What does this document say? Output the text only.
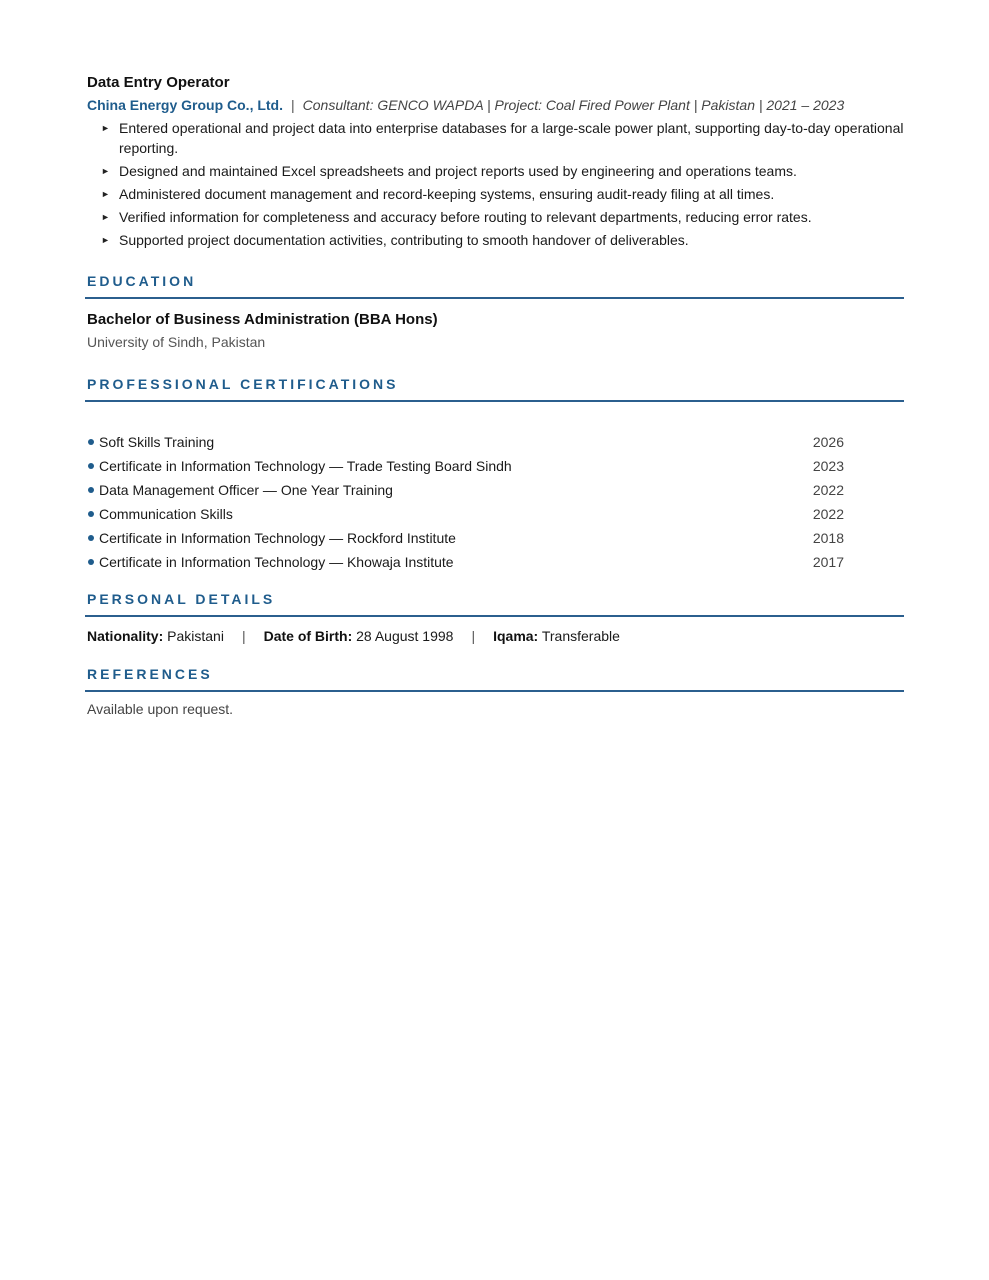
Data Entry Operator
China Energy Group Co., Ltd. | Consultant: GENCO WAPDA | Project: Coal Fired Power Plant | Pakistan | 2021 – 2023
► Entered operational and project data into enterprise databases for a large-scale power plant, supporting day-to-day operational reporting.
► Designed and maintained Excel spreadsheets and project reports used by engineering and operations teams.
► Administered document management and record-keeping systems, ensuring audit-ready filing at all times.
► Verified information for completeness and accuracy before routing to relevant departments, reducing error rates.
► Supported project documentation activities, contributing to smooth handover of deliverables.
EDUCATION
Bachelor of Business Administration (BBA Hons)
University of Sindh, Pakistan
PROFESSIONAL CERTIFICATIONS
Soft Skills Training	2026
Certificate in Information Technology — Trade Testing Board Sindh	2023
Data Management Officer — One Year Training	2022
Communication Skills	2022
Certificate in Information Technology — Rockford Institute	2018
Certificate in Information Technology — Khowaja Institute	2017
PERSONAL DETAILS
Nationality: Pakistani | Date of Birth: 28 August 1998 | Iqama: Transferable
REFERENCES
Available upon request.
